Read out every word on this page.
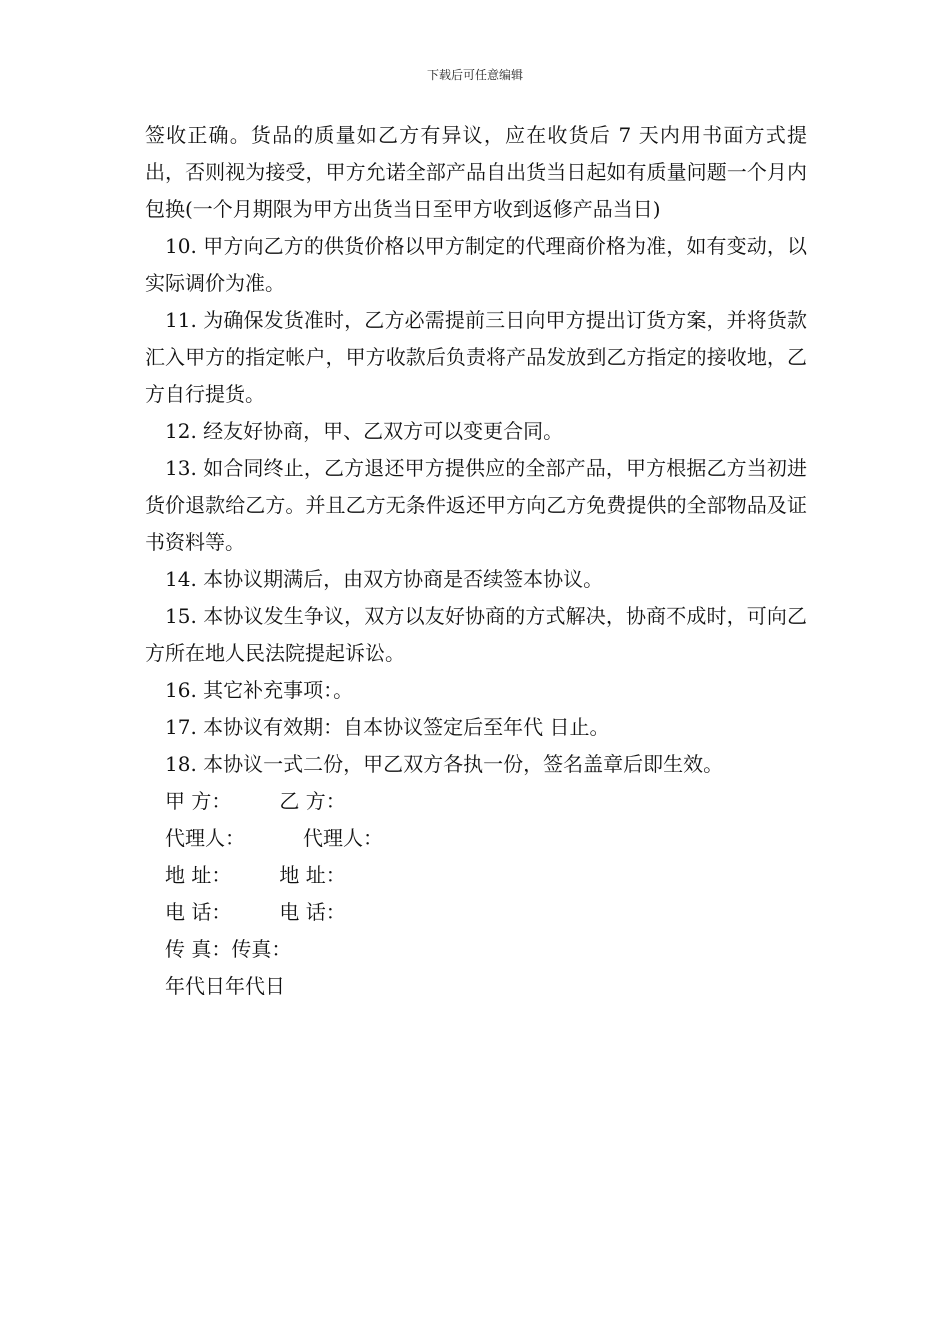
下载后可任意编辑

签收正确。货品的质量如乙方有异议，应在收货后 7 天内用书面方式提出，否则视为接受，甲方允诺全部产品自出货当日起如有质量问题一个月内包换(一个月期限为甲方出货当日至甲方收到返修产品当日)

10. 甲方向乙方的供货价格以甲方制定的代理商价格为准，如有变动，以实际调价为准。

11. 为确保发货准时，乙方必需提前三日向甲方提出订货方案，并将货款汇入甲方的指定帐户，甲方收款后负责将产品发放到乙方指定的接收地，乙方自行提货。

12. 经友好协商，甲、乙双方可以变更合同。

13. 如合同终止，乙方退还甲方提供应的全部产品，甲方根据乙方当初进货价退款给乙方。并且乙方无条件返还甲方向乙方免费提供的全部物品及证书资料等。

14. 本协议期满后，由双方协商是否续签本协议。

15. 本协议发生争议，双方以友好协商的方式解决，协商不成时，可向乙方所在地人民法院提起诉讼。

16. 其它补充事项：。

17. 本协议有效期：自本协议签定后至年代 日止。

18. 本协议一式二份，甲乙双方各执一份，签名盖章后即生效。

甲 方： 乙 方：

代理人：	代理人：

地 址： 地 址：

电 话： 电 话：

传 真：传真：

年代日年代日
